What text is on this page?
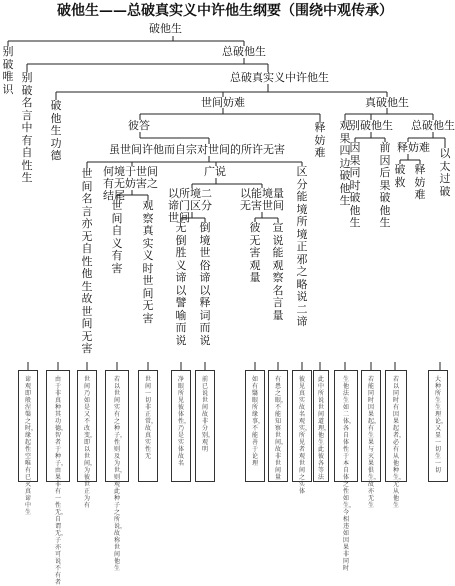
破他生——总破真实义中许他生纲要（围绕中观传承）
破他生
总破他生
总破真实义中许他生
世间妨难	真破他生
彼答	别破他生 总破他生
释妨难
虽世间许他而自宗对世间的所许无害
何境于世间有无妨害之结尾
广说
以所境二谛门区分世间
以能境量无害世间
别破唯识
别破名言中有自性生
破他生功德
世间名言亦无自性他生故世间无害
世间自义有害
观察真实义时世间无害
无倒胜义谛以譬喻而说
倒境世俗谛以释词而说
彼无害观量
宣说能观察名言量
区分能境所境正邪之略说二谛
释妨难
观果四边破他生
因果同时破他生
前因后果破他生
破救
释妨难
以太过破
谛观即般涅槃之时，缘起性空唯有已灭真谛中生
由于非真种其功德，智者于种子，由果非有一性无，自谓无，子亦可说不有者
世间乃如是又不改变，即以世间，为彼世正为有
若以世间实有之种子，性则及为世，则观此种子之所说，故称世间他生
世间一切非正常，故真实性无
净眼所见彼体性，乃是实体故名
前已说世间故非分别，观明
如有翳眼所缘事，不能善于论理
有患之眼，不能知察世间，故非世间量
彼见真实故名观实，所见者观世间之实体
此中所说世间道理，他生此彼各等法
生他法生如二体，各自体性于本自体之性如生，今相违如因果非同时
若能同时因果起，有生果与灭果俱生，故亦无生
若以同时有因果起者，必有从他种生，无从他生
大种所生生理论，又显一切生一切
